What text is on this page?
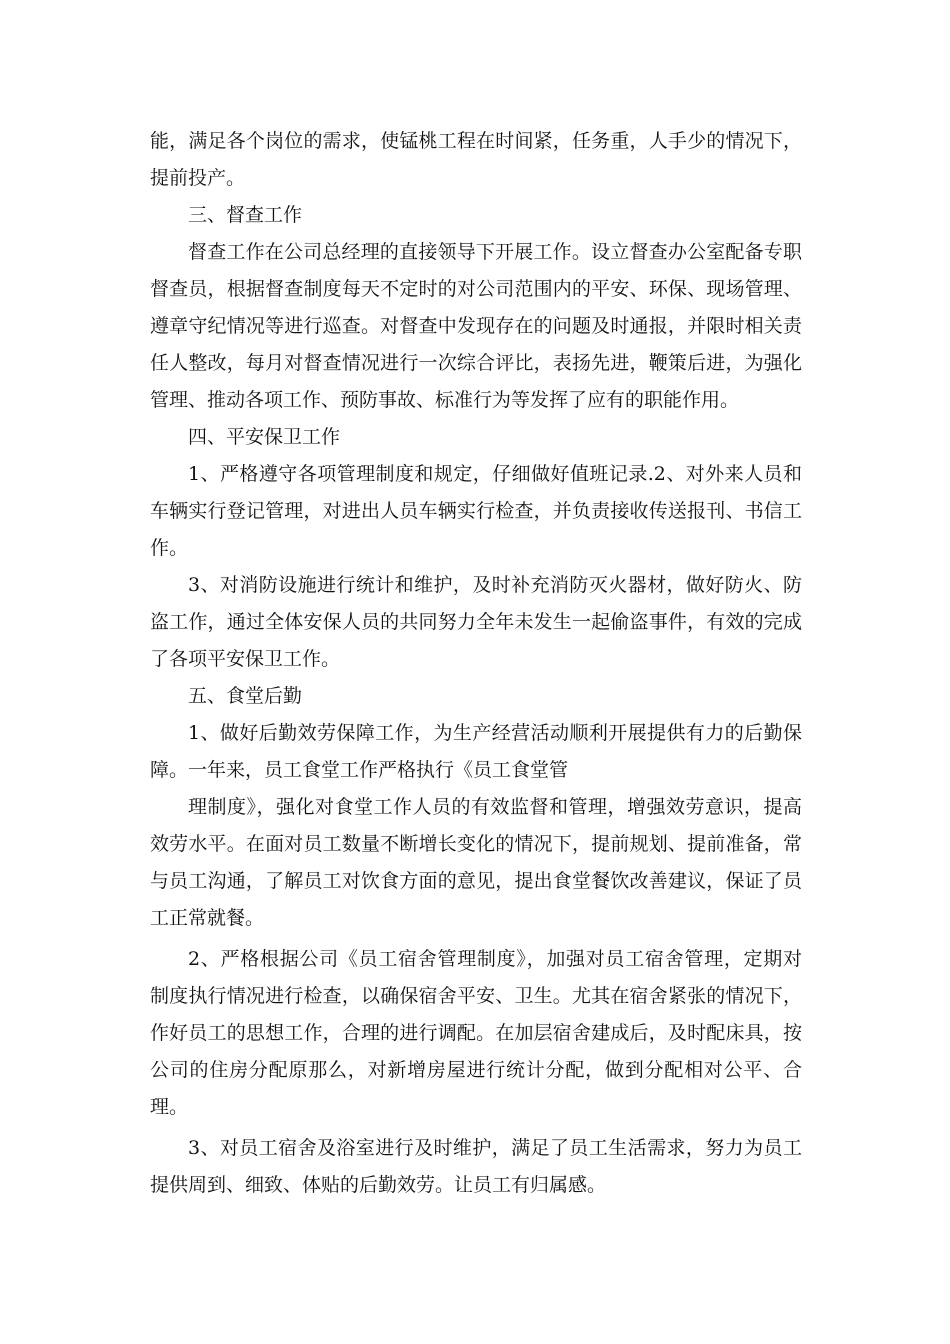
能，满足各个岗位的需求，使锰桃工程在时间紧，任务重，人手少的情况下，
提前投产。
三、督查工作
督查工作在公司总经理的直接领导下开展工作。设立督查办公室配备专职
督查员，根据督查制度每天不定时的对公司范围内的平安、环保、现场管理、
遵章守纪情况等进行巡查。对督查中发现存在的问题及时通报，并限时相关责
任人整改，每月对督查情况进行一次综合评比，表扬先进，鞭策后进，为强化
管理、推动各项工作、预防事故、标准行为等发挥了应有的职能作用。
四、平安保卫工作
1、严格遵守各项管理制度和规定，仔细做好值班记录.2、对外来人员和
车辆实行登记管理，对进出人员车辆实行检查，并负责接收传送报刊、书信工
作。
3、对消防设施进行统计和维护，及时补充消防灭火器材，做好防火、防
盗工作，通过全体安保人员的共同努力全年未发生一起偷盗事件，有效的完成
了各项平安保卫工作。
五、食堂后勤
1、做好后勤效劳保障工作，为生产经营活动顺利开展提供有力的后勤保
障。一年来，员工食堂工作严格执行《员工食堂管
理制度》，强化对食堂工作人员的有效监督和管理，增强效劳意识，提高
效劳水平。在面对员工数量不断增长变化的情况下，提前规划、提前准备，常
与员工沟通，了解员工对饮食方面的意见，提出食堂餐饮改善建议，保证了员
工正常就餐。
2、严格根据公司《员工宿舍管理制度》，加强对员工宿舍管理，定期对
制度执行情况进行检查，以确保宿舍平安、卫生。尤其在宿舍紧张的情况下，
作好员工的思想工作，合理的进行调配。在加层宿舍建成后，及时配床具，按
公司的住房分配原那么，对新增房屋进行统计分配，做到分配相对公平、合
理。
3、对员工宿舍及浴室进行及时维护，满足了员工生活需求，努力为员工
提供周到、细致、体贴的后勤效劳。让员工有归属感。
